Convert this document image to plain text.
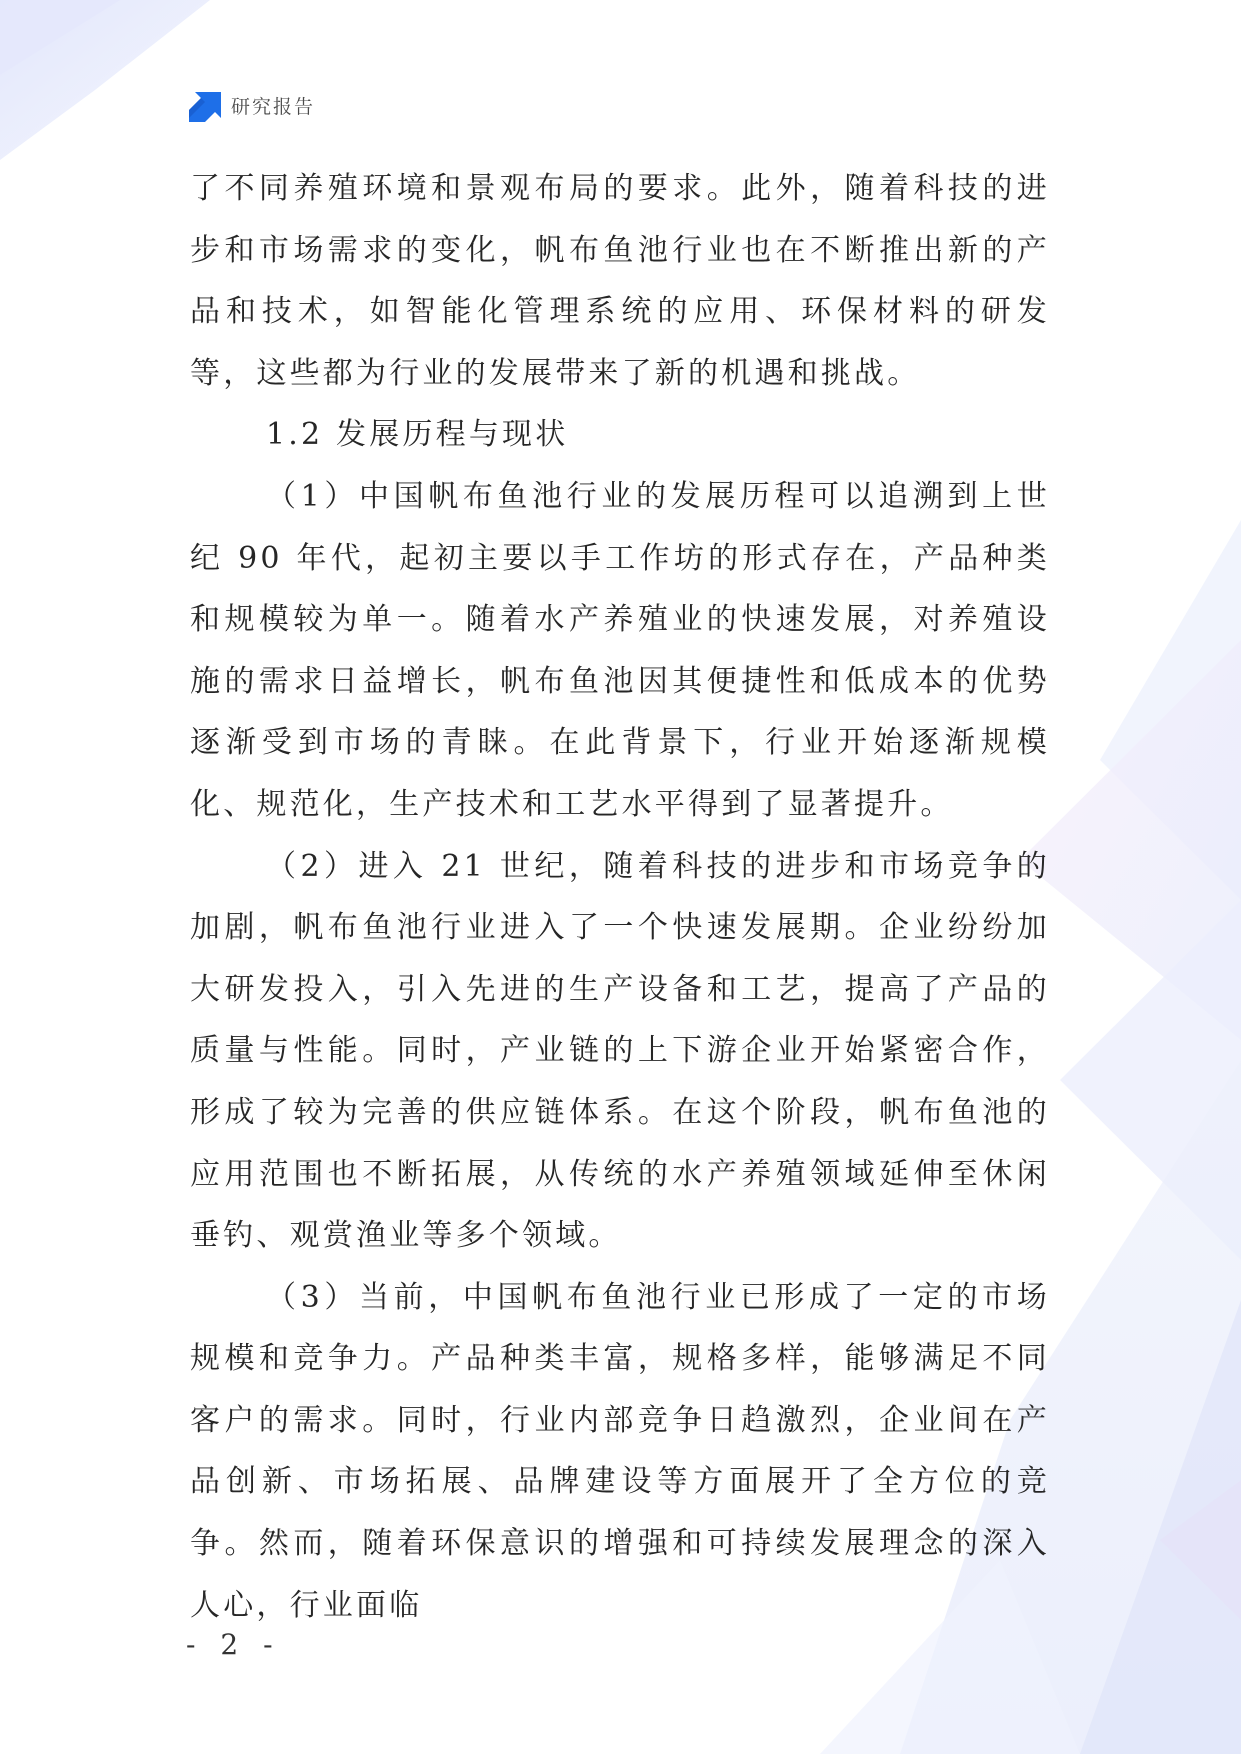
研究报告

了不同养殖环境和景观布局的要求。此外，随着科技的进步和市场需求的变化，帆布鱼池行业也在不断推出新的产品和技术，如智能化管理系统的应用、环保材料的研发等，这些都为行业的发展带来了新的机遇和挑战。

1.2 发展历程与现状

（1）中国帆布鱼池行业的发展历程可以追溯到上世纪 90 年代，起初主要以手工作坊的形式存在，产品种类和规模较为单一。随着水产养殖业的快速发展，对养殖设施的需求日益增长，帆布鱼池因其便捷性和低成本的优势逐渐受到市场的青睐。在此背景下，行业开始逐渐规模化、规范化，生产技术和工艺水平得到了显著提升。

（2）进入 21 世纪，随着科技的进步和市场竞争的加剧，帆布鱼池行业进入了一个快速发展期。企业纷纷加大研发投入，引入先进的生产设备和工艺，提高了产品的质量与性能。同时，产业链的上下游企业开始紧密合作，形成了较为完善的供应链体系。在这个阶段，帆布鱼池的应用范围也不断拓展，从传统的水产养殖领域延伸至休闲垂钓、观赏渔业等多个领域。

（3）当前，中国帆布鱼池行业已形成了一定的市场规模和竞争力。产品种类丰富，规格多样，能够满足不同客户的需求。同时，行业内部竞争日趋激烈，企业间在产品创新、市场拓展、品牌建设等方面展开了全方位的竞争。然而，随着环保意识的增强和可持续发展理念的深入人心，行业面临

- 2 -
